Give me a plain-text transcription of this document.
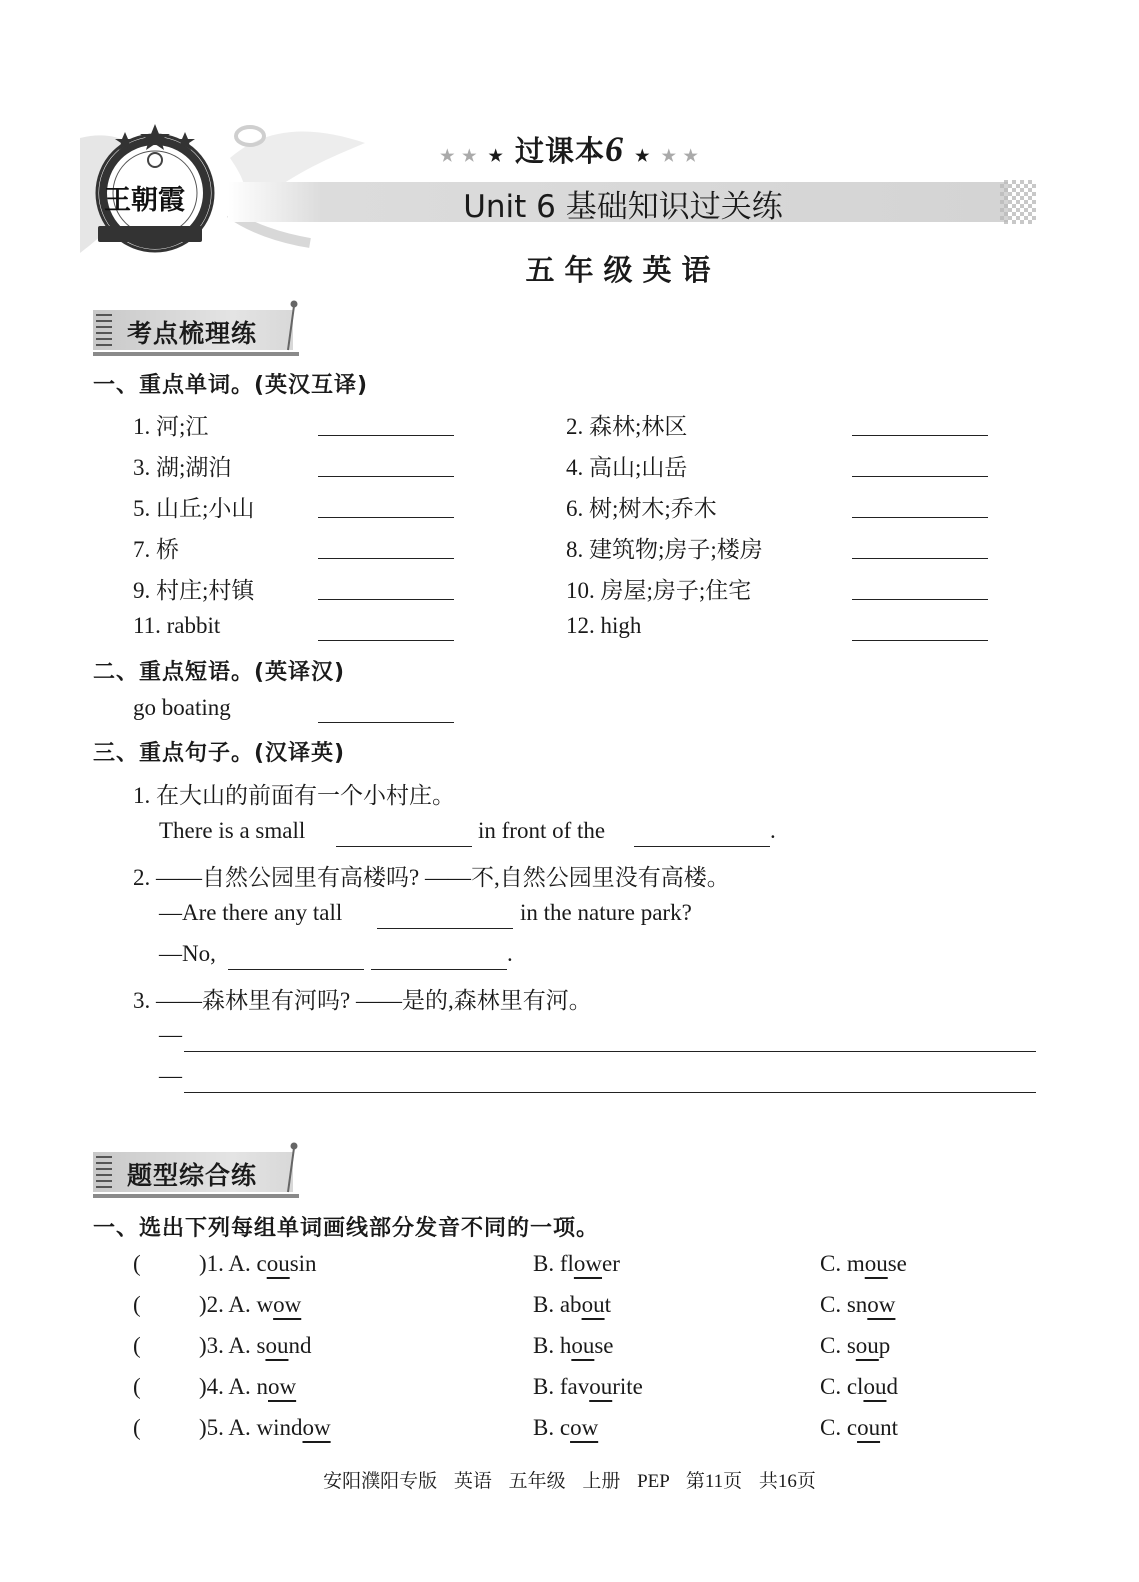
王朝霞
★ ★ ★ 过课本6 ★ ★ ★
Unit 6 基础知识过关练
五年级英语
考点梳理练
一、重点单词。(英汉互译)
1. 河;江	2. 森林;林区
3. 湖;湖泊	4. 高山;山岳
5. 山丘;小山	6. 树;树木;乔木
7. 桥	8. 建筑物;房子;楼房
9. 村庄;村镇	10. 房屋;房子;住宅
11. rabbit	12. high
二、重点短语。(英译汉)
go boating
三、重点句子。(汉译英)
1. 在大山的前面有一个小村庄。
There is a small	in front of the	.
2. ——自然公园里有高楼吗? ——不,自然公园里没有高楼。
—Are there any tall	in the nature park?
—No,	.
3. ——森林里有河吗? ——是的,森林里有河。
—
—
题型综合练
一、选出下列每组单词画线部分发音不同的一项。
(	)1. A. cousin	B. flower	C. mouse
(	)2. A. wow	B. about	C. snow
(	)3. A. sound	B. house	C. soup
(	)4. A. now	B. favourite	C. cloud
(	)5. A. window	B. cow	C. count
安阳濮阳专版 英语 五年级 上册 PEP 第11页 共16页
